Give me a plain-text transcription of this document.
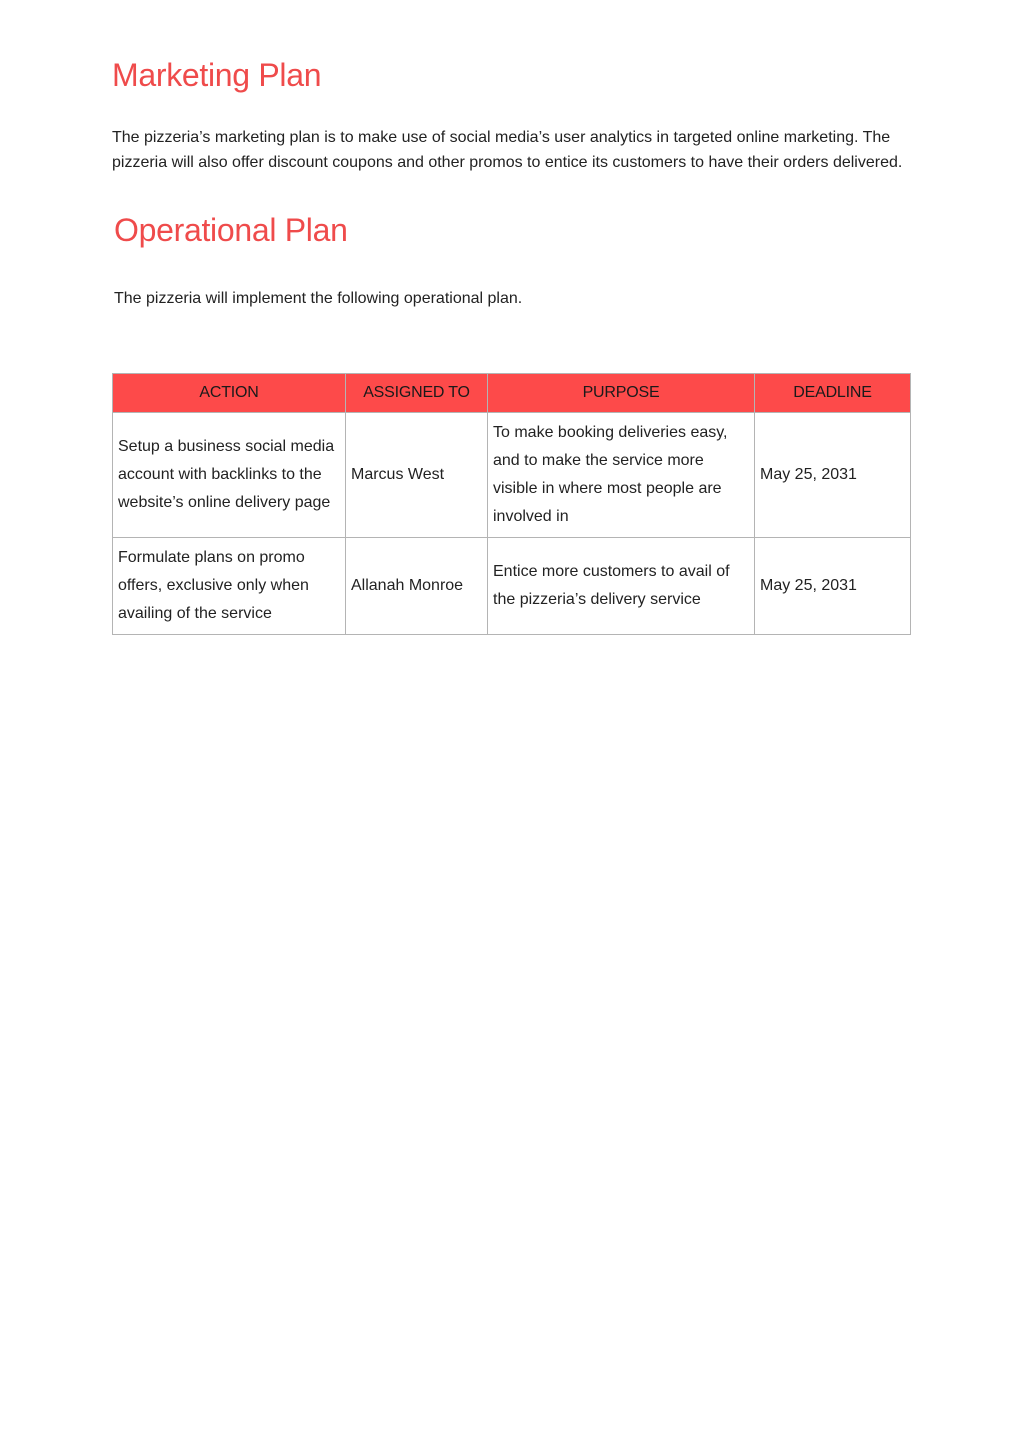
Marketing Plan

The pizzeria’s marketing plan is to make use of social media’s user analytics in targeted online marketing. The pizzeria will also offer discount coupons and other promos to entice its customers to have their orders delivered.

Operational Plan

The pizzeria will implement the following operational plan.

ACTION	ASSIGNED TO	PURPOSE	DEADLINE
Setup a business social media account with backlinks to the website’s online delivery page	Marcus West	To make booking deliveries easy, and to make the service more visible in where most people are involved in	May 25, 2031
Formulate plans on promo offers, exclusive only when availing of the service	Allanah Monroe	Entice more customers to avail of the pizzeria’s delivery service	May 25, 2031
